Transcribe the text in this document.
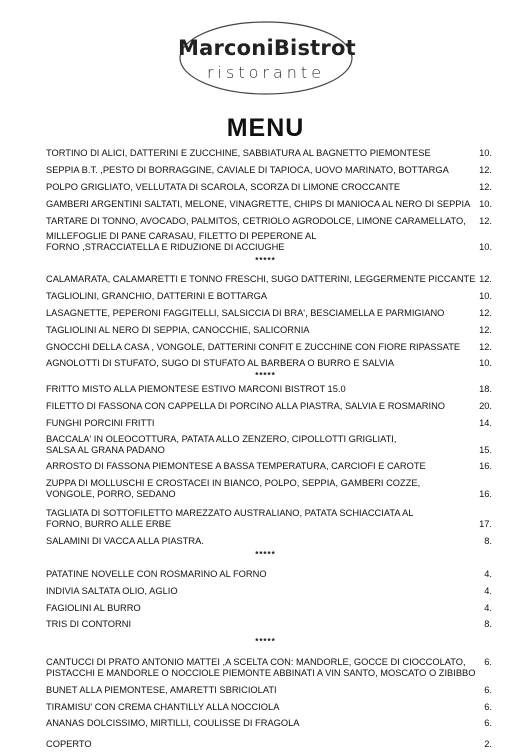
MarconiBistrot
ristorante
MENU
TORTINO DI ALICI, DATTERINI E ZUCCHINE, SABBIATURA AL BAGNETTO PIEMONTESE	10.
SEPPIA B.T. ,PESTO DI BORRAGGINE, CAVIALE DI TAPIOCA, UOVO MARINATO, BOTTARGA	12.
POLPO GRIGLIATO, VELLUTATA DI SCAROLA, SCORZA DI LIMONE CROCCANTE	12.
GAMBERI ARGENTINI SALTATI, MELONE, VINAGRETTE, CHIPS DI MANIOCA AL NERO DI SEPPIA 10.
TARTARE DI TONNO, AVOCADO, PALMITOS, CETRIOLO AGRODOLCE, LIMONE CARAMELLATO,	12.
MILLEFOGLIE DI PANE CARASAU, FILETTO DI PEPERONE AL FORNO ,STRACCIATELLA E RIDUZIONE DI ACCIUGHE	10.
*****
CALAMARATA, CALAMARETTI E TONNO FRESCHI, SUGO DATTERINI, LEGGERMENTE PICCANTE 12.
TAGLIOLINI, GRANCHIO, DATTERINI E BOTTARGA	10.
LASAGNETTE, PEPERONI FAGGITELLI, SALSICCIA DI BRA', BESCIAMELLA E PARMIGIANO	12.
TAGLIOLINI AL NERO DI SEPPIA, CANOCCHIE, SALICORNIA	12.
GNOCCHI DELLA CASA , VONGOLE, DATTERINI CONFIT E ZUCCHINE CON FIORE RIPASSATE	12.
AGNOLOTTI DI STUFATO, SUGO DI STUFATO AL BARBERA O BURRO E SALVIA	10.
*****
FRITTO MISTO ALLA PIEMONTESE ESTIVO MARCONI BISTROT 15.0	18.
FILETTO DI FASSONA CON CAPPELLA DI PORCINO ALLA PIASTRA, SALVIA E ROSMARINO	20.
FUNGHI PORCINI FRITTI	14.
BACCALA' IN OLEOCOTTURA, PATATA ALLO ZENZERO, CIPOLLOTTI GRIGLIATI, SALSA AL GRANA PADANO	15.
ARROSTO DI FASSONA PIEMONTESE A BASSA TEMPERATURA, CARCIOFI E CAROTE	16.
ZUPPA DI MOLLUSCHI E CROSTACEI IN BIANCO, POLPO, SEPPIA, GAMBERI COZZE, VONGOLE, PORRO, SEDANO	16.
TAGLIATA DI SOTTOFILETTO MAREZZATO AUSTRALIANO, PATATA SCHIACCIATA AL FORNO, BURRO ALLE ERBE	17.
SALAMINI DI VACCA ALLA PIASTRA.	8.
*****
PATATINE NOVELLE CON ROSMARINO AL FORNO	4.
INDIVIA SALTATA OLIO, AGLIO	4.
FAGIOLINI AL BURRO	4.
TRIS DI CONTORNI	8.
*****
CANTUCCI DI PRATO ANTONIO MATTEI ,A SCELTA CON: MANDORLE, GOCCE DI CIOCCOLATO, PISTACCHI E MANDORLE O NOCCIOLE PIEMONTE ABBINATI A VIN SANTO, MOSCATO O ZIBIBBO
6.
BUNET ALLA PIEMONTESE, AMARETTI SBRICIOLATI	6.
TIRAMISU' CON CREMA CHANTILLY ALLA NOCCIOLA	6.
ANANAS DOLCISSIMO, MIRTILLI, COULISSE DI FRAGOLA	6.
COPERTO	2.
